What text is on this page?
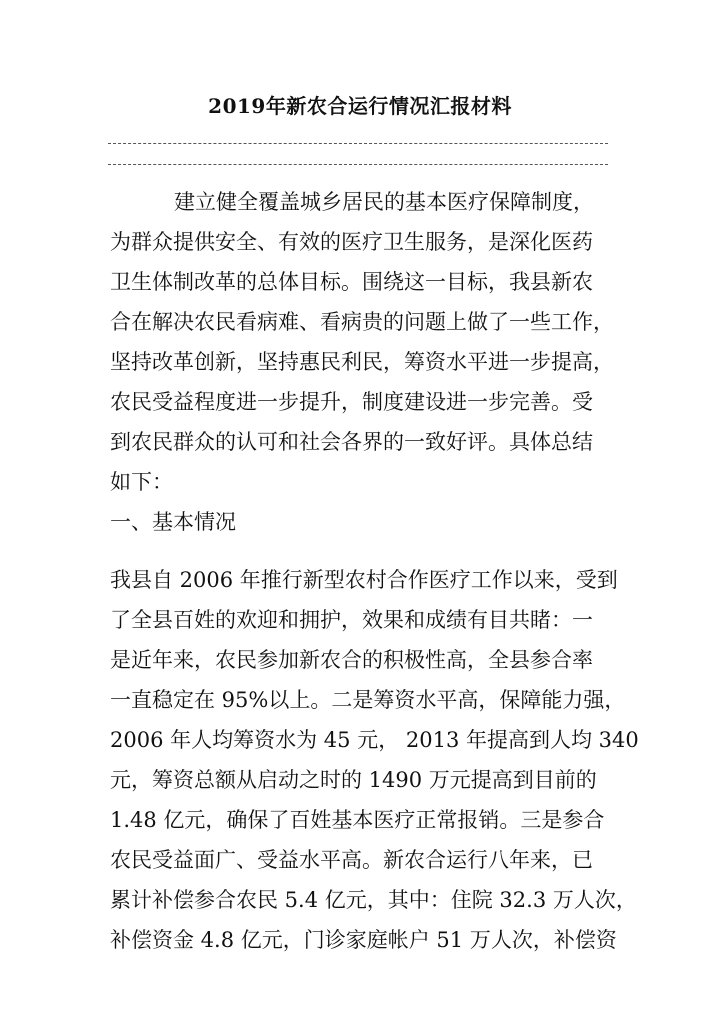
2019年新农合运行情况汇报材料

建立健全覆盖城乡居民的基本医疗保障制度，
为群众提供安全、有效的医疗卫生服务，是深化医药
卫生体制改革的总体目标。围绕这一目标，我县新农
合在解决农民看病难、看病贵的问题上做了一些工作，
坚持改革创新，坚持惠民利民，筹资水平进一步提高，
农民受益程度进一步提升，制度建设进一步完善。受
到农民群众的认可和社会各界的一致好评。具体总结
如下：

一、基本情况

我县自 2006 年推行新型农村合作医疗工作以来，受到
了全县百姓的欢迎和拥护，效果和成绩有目共睹：一
是近年来，农民参加新农合的积极性高，全县参合率
一直稳定在 95%以上。二是筹资水平高，保障能力强，
2006 年人均筹资水为 45 元， 2013 年提高到人均 340
元，筹资总额从启动之时的 1490 万元提高到目前的
1.48 亿元，确保了百姓基本医疗正常报销。三是参合
农民受益面广、受益水平高。新农合运行八年来，已
累计补偿参合农民 5.4 亿元，其中：住院 32.3 万人次，
补偿资金 4.8 亿元，门诊家庭帐户 51 万人次，补偿资
